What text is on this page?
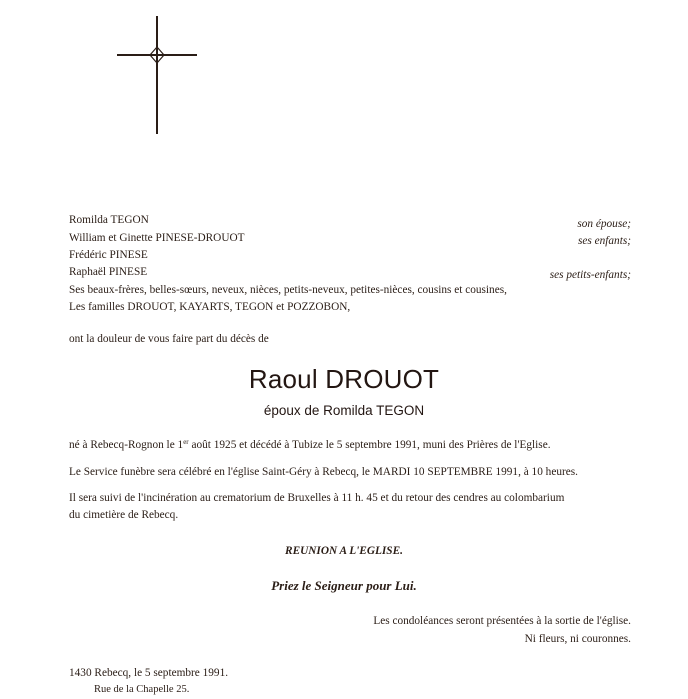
Romilda TEGON	son épouse;
William et Ginette PINESE-DROUOT	ses enfants;
Frédéric PINESE
Raphaël PINESE	ses petits-enfants;
Ses beaux-frères, belles-sœurs, neveux, nièces, petits-neveux, petites-nièces, cousins et cousines,
Les familles DROUOT, KAYARTS, TEGON et POZZOBON,
ont la douleur de vous faire part du décès de
Raoul DROUOT
époux de Romilda TEGON
né à Rebecq-Rognon le 1er août 1925 et décédé à Tubize le 5 septembre 1991, muni des Prières de l'Eglise.
Le Service funèbre sera célébré en l'église Saint-Géry à Rebecq, le MARDI 10 SEPTEMBRE 1991, à 10 heures.
Il sera suivi de l'incinération au crematorium de Bruxelles à 11 h. 45 et du retour des cendres au colombarium
du cimetière de Rebecq.
REUNION A L'EGLISE.
Priez le Seigneur pour Lui.
Les condoléances seront présentées à la sortie de l'église.
Ni fleurs, ni couronnes.
1430 Rebecq, le 5 septembre 1991.
Rue de la Chapelle 25.
